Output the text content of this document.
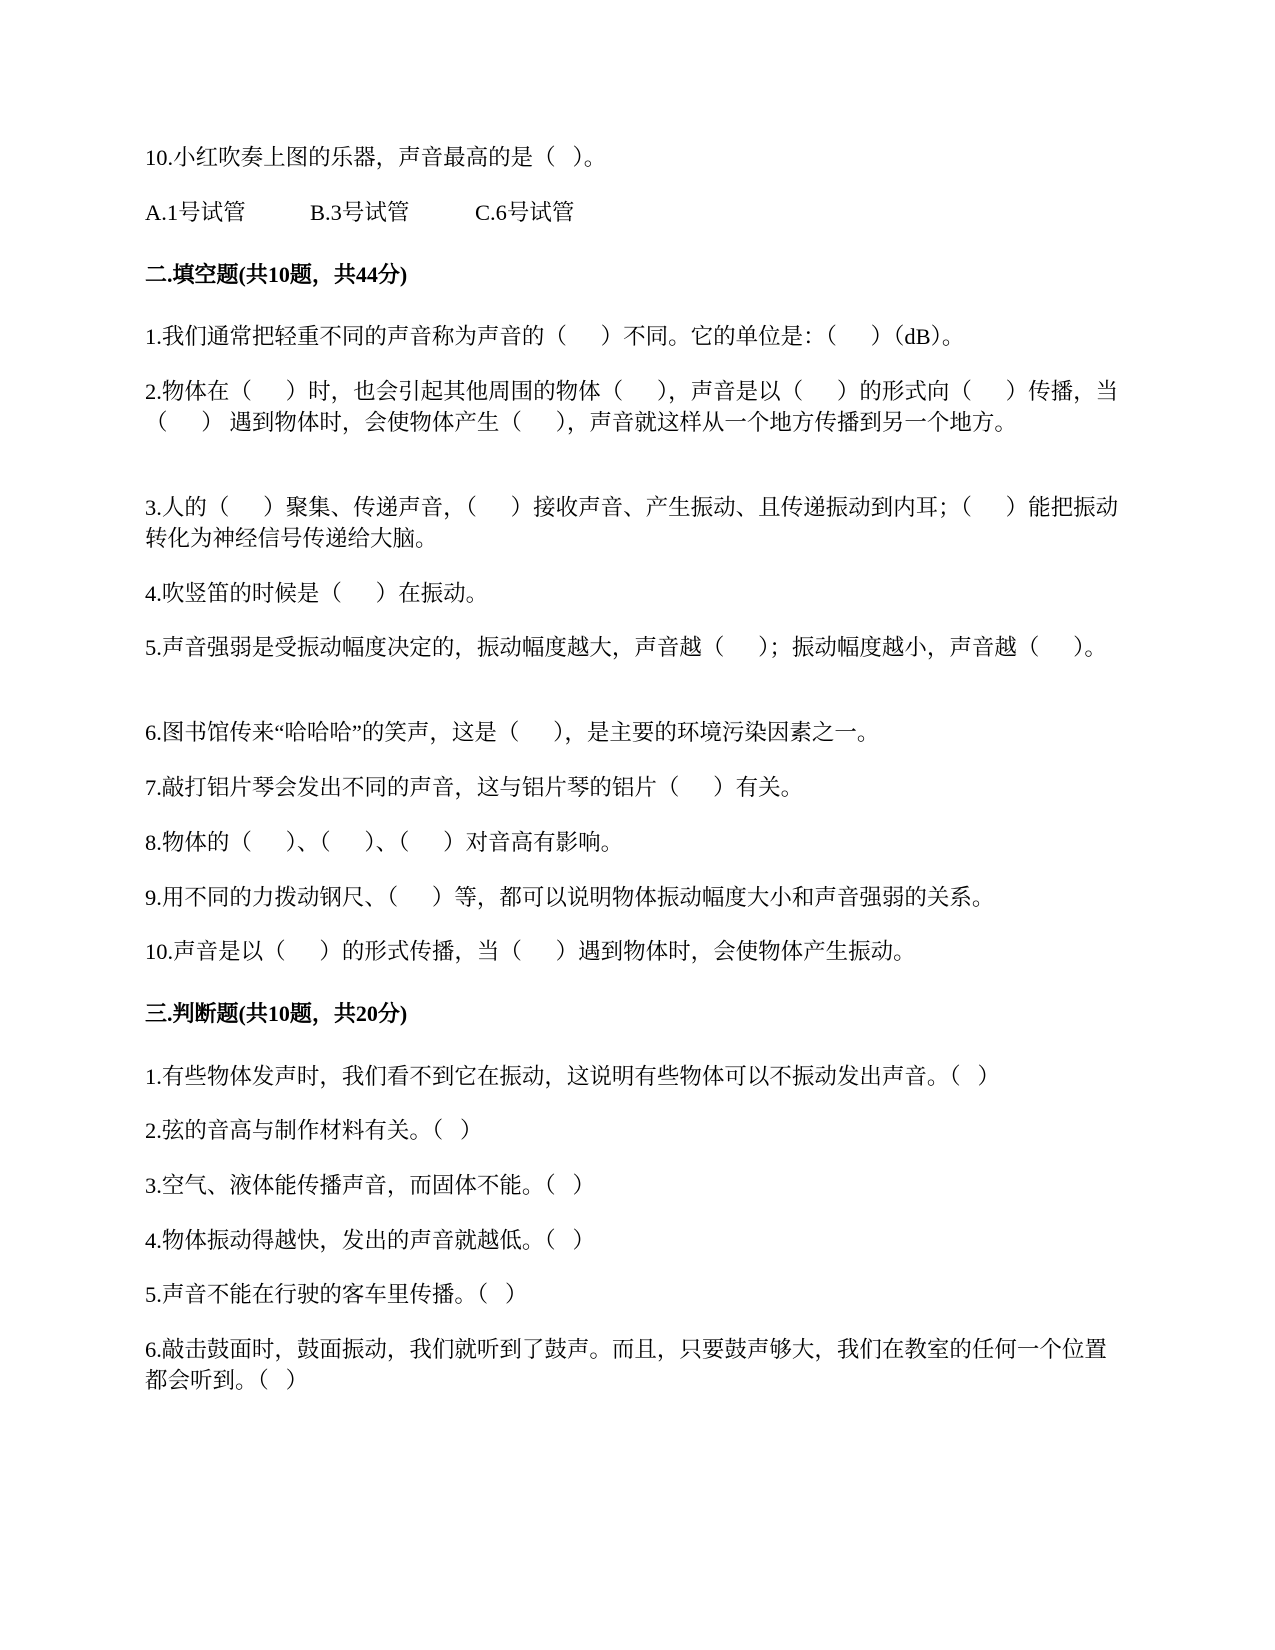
10.小红吹奏上图的乐器，声音最高的是（   ）。
A.1号试管	B.3号试管	C.6号试管
二.填空题(共10题，共44分)
1.我们通常把轻重不同的声音称为声音的（      ）不同。它的单位是：（      ）（dB）。
2.物体在（      ）时，也会引起其他周围的物体（      ），声音是以（      ）的形式向（      ）传播，当（      ） 遇到物体时，会使物体产生（      ），声音就这样从一个地方传播到另一个地方。
3.人的（      ）聚集、传递声音，（      ）接收声音、产生振动、且传递振动到内耳；（      ）能把振动转化为神经信号传递给大脑。
4.吹竖笛的时候是（      ）在振动。
5.声音强弱是受振动幅度决定的，振动幅度越大，声音越（      ）；振动幅度越小，声音越（      ）。
6.图书馆传来“哈哈哈”的笑声，这是（      ），是主要的环境污染因素之一。
7.敲打铝片琴会发出不同的声音，这与铝片琴的铝片（      ）有关。
8.物体的（      ）、（      ）、（      ）对音高有影响。
9.用不同的力拨动钢尺、（      ）等，都可以说明物体振动幅度大小和声音强弱的关系。
10.声音是以（      ）的形式传播，当（      ）遇到物体时，会使物体产生振动。
三.判断题(共10题，共20分)
1.有些物体发声时，我们看不到它在振动，这说明有些物体可以不振动发出声音。（   ）
2.弦的音高与制作材料有关。（   ）
3.空气、液体能传播声音，而固体不能。（   ）
4.物体振动得越快，发出的声音就越低。（   ）
5.声音不能在行驶的客车里传播。（   ）
6.敲击鼓面时，鼓面振动，我们就听到了鼓声。而且，只要鼓声够大，我们在教室的任何一个位置都会听到。（   ）
